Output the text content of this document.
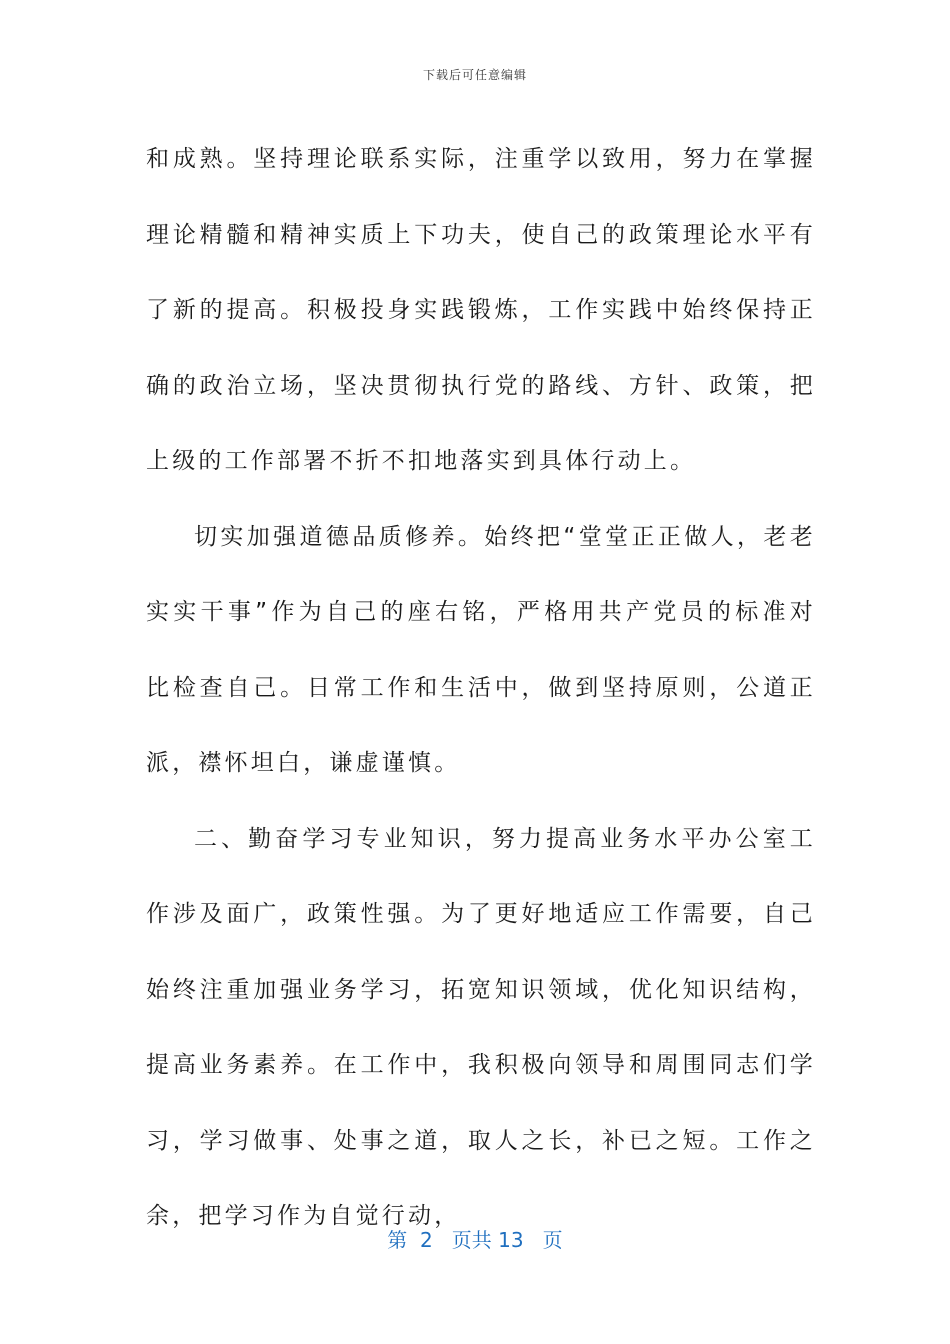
下载后可任意编辑

和成熟。坚持理论联系实际，注重学以致用，努力在掌握理论精髓和精神实质上下功夫，使自己的政策理论水平有了新的提高。积极投身实践锻炼，工作实践中始终保持正确的政治立场，坚决贯彻执行党的路线、方针、政策，把上级的工作部署不折不扣地落实到具体行动上。

切实加强道德品质修养。始终把“堂堂正正做人，老老实实干事”作为自己的座右铭，严格用共产党员的标准对比检查自己。日常工作和生活中，做到坚持原则，公道正派，襟怀坦白，谦虚谨慎。

二、勤奋学习专业知识，努力提高业务水平办公室工作涉及面广，政策性强。为了更好地适应工作需要，自己始终注重加强业务学习，拓宽知识领域，优化知识结构，提高业务素养。在工作中，我积极向领导和周围同志们学习，学习做事、处事之道，取人之长，补已之短。工作之余，把学习作为自觉行动，

第  2   页共 13   页
